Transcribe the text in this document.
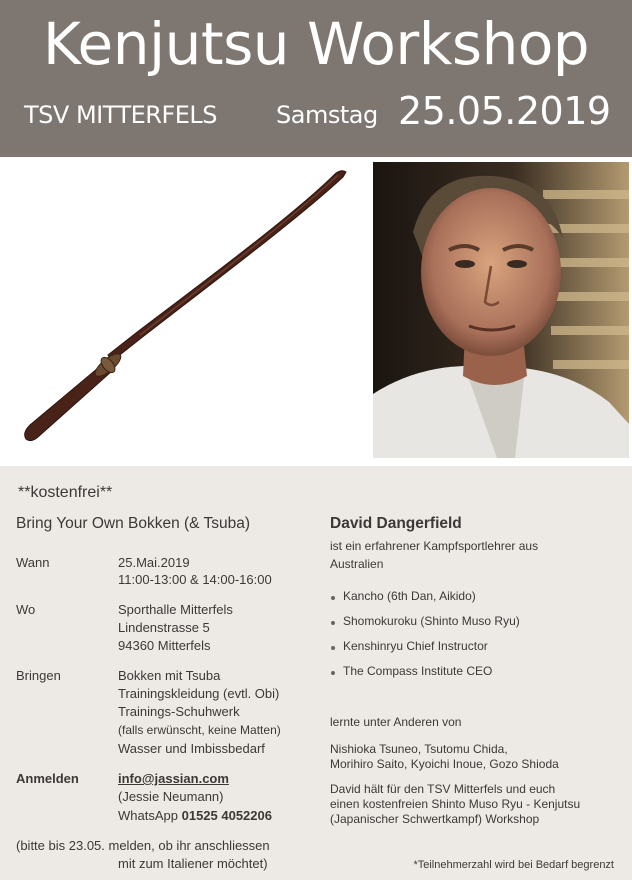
Kenjutsu Workshop
TSV MITTERFELS Samstag 25.05.2019
**kostenfrei**
Bring Your Own Bokken (& Tsuba)
Wann	25.Mai.2019
11:00-13:00 & 14:00-16:00
Wo	Sporthalle Mitterfels
Lindenstrasse 5
94360 Mitterfels
Bringen	Bokken mit Tsuba
Trainingskleidung (evtl. Obi)
Trainings-Schuhwerk
(falls erwünscht, keine Matten)
Wasser und Imbissbedarf
Anmelden	info@jassian.com
(Jessie Neumann)
WhatsApp 01525 4052206
(bitte bis 23.05. melden, ob ihr anschliessen
mit zum Italiener möchtet)
David Dangerfield
ist ein erfahrener Kampfsportlehrer aus
Australien
Kancho (6th Dan, Aikido)
Shomokuroku (Shinto Muso Ryu)
Kenshinryu Chief Instructor
The Compass Institute CEO
lernte unter Anderen von
Nishioka Tsuneo, Tsutomu Chida,
Morihiro Saito, Kyoichi Inoue, Gozo Shioda
David hält für den TSV Mitterfels und euch
einen kostenfreien Shinto Muso Ryu - Kenjutsu
(Japanischer Schwertkampf) Workshop
*Teilnehmerzahl wird bei Bedarf begrenzt
